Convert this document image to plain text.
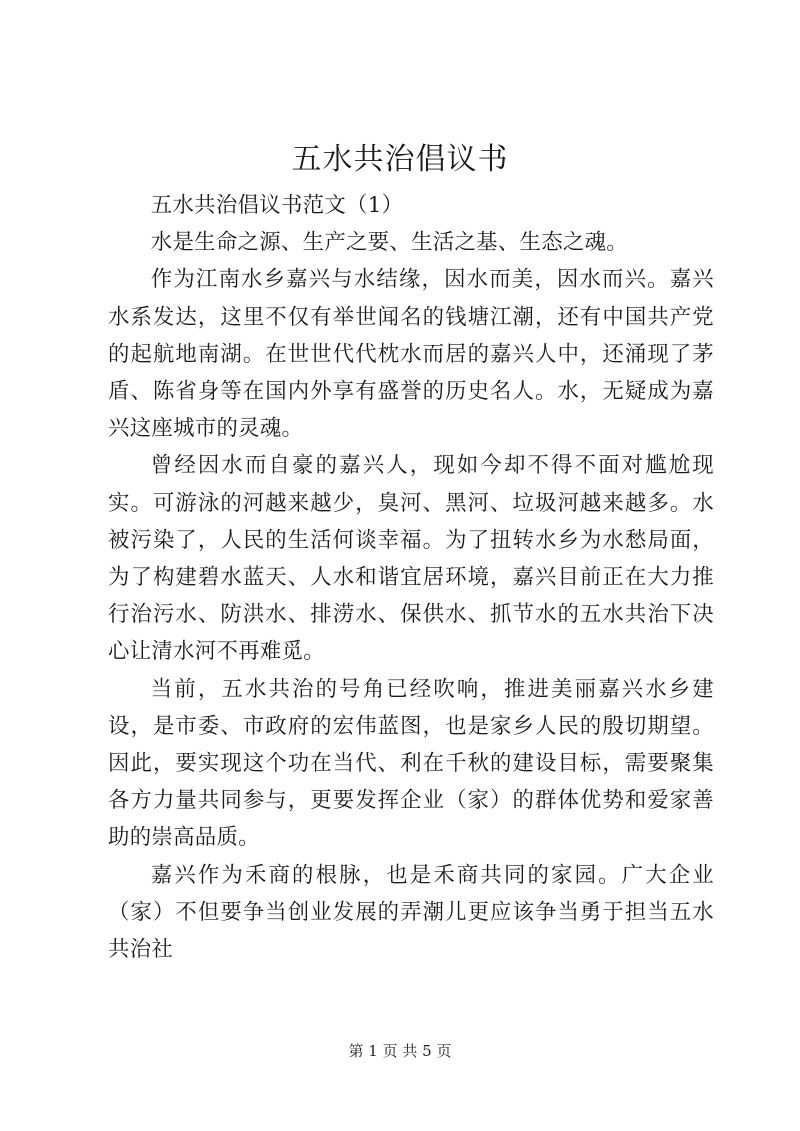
五水共治倡议书

五水共治倡议书范文（1）

水是生命之源、生产之要、生活之基、生态之魂。

作为江南水乡嘉兴与水结缘，因水而美，因水而兴。嘉兴水系发达，这里不仅有举世闻名的钱塘江潮，还有中国共产党的起航地南湖。在世世代代枕水而居的嘉兴人中，还涌现了茅盾、陈省身等在国内外享有盛誉的历史名人。水，无疑成为嘉兴这座城市的灵魂。

曾经因水而自豪的嘉兴人，现如今却不得不面对尴尬现实。可游泳的河越来越少，臭河、黑河、垃圾河越来越多。水被污染了，人民的生活何谈幸福。为了扭转水乡为水愁局面，为了构建碧水蓝天、人水和谐宜居环境，嘉兴目前正在大力推行治污水、防洪水、排涝水、保供水、抓节水的五水共治下决心让清水河不再难觅。

当前，五水共治的号角已经吹响，推进美丽嘉兴水乡建设，是市委、市政府的宏伟蓝图，也是家乡人民的殷切期望。因此，要实现这个功在当代、利在千秋的建设目标，需要聚集各方力量共同参与，更要发挥企业（家）的群体优势和爱家善助的崇高品质。

嘉兴作为禾商的根脉，也是禾商共同的家园。广大企业（家）不但要争当创业发展的弄潮儿更应该争当勇于担当五水共治社

第 1 页 共 5 页
